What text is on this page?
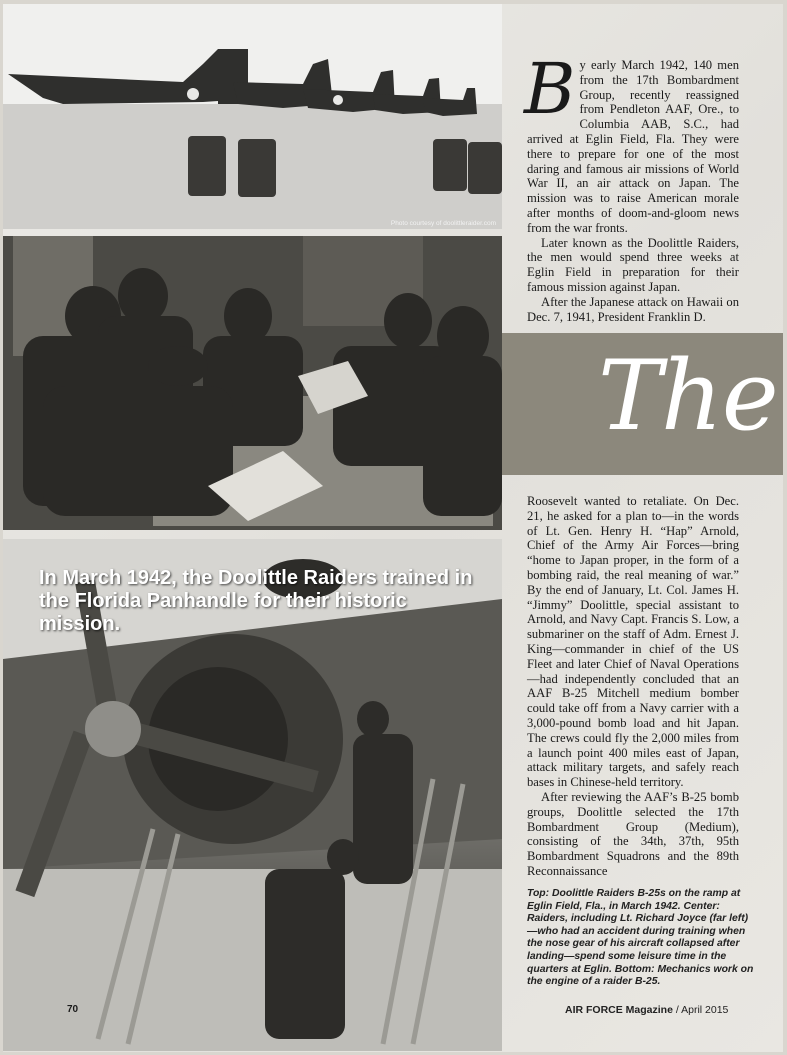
Photo courtesy of doolittleraider.com
In March 1942, the Doolittle Raiders trained in the Florida Panhandle for their historic mission.
The

By early March 1942, 140 men from the 17th Bombardment Group, recently reassigned from Pendleton AAF, Ore., to Columbia AAB, S.C., had arrived at Eglin Field, Fla. They were there to prepare for one of the most daring and famous air missions of World War II, an air attack on Japan. The mission was to raise American morale after months of doom-and-gloom news from the war fronts.

Later known as the Doolittle Raiders, the men would spend three weeks at Eglin Field in preparation for their famous mission against Japan.

After the Japanese attack on Hawaii on Dec. 7, 1941, President Franklin D.

Roosevelt wanted to retaliate. On Dec. 21, he asked for a plan to—in the words of Lt. Gen. Henry H. “Hap” Arnold, Chief of the Army Air Forces—bring “home to Japan proper, in the form of a bombing raid, the real meaning of war.” By the end of January, Lt. Col. James H. “Jimmy” Doolittle, special assistant to Arnold, and Navy Capt. Francis S. Low, a submariner on the staff of Adm. Ernest J. King—commander in chief of the US Fleet and later Chief of Naval Operations—had independently concluded that an AAF B-25 Mitchell medium bomber could take off from a Navy carrier with a 3,000-pound bomb load and hit Japan. The crews could fly the 2,000 miles from a launch point 400 miles east of Japan, attack military targets, and safely reach bases in Chinese-held territory.

After reviewing the AAF’s B-25 bomb groups, Doolittle selected the 17th Bombardment Group (Medium), consisting of the 34th, 37th, 95th Bombardment Squadrons and the 89th Reconnaissance

Top: Doolittle Raiders B-25s on the ramp at Eglin Field, Fla., in March 1942. Center: Raiders, including Lt. Richard Joyce (far left)—who had an accident during training when the nose gear of his aircraft collapsed after landing—spend some leisure time in the quarters at Eglin. Bottom: Mechanics work on the engine of a raider B-25.
70	AIR FORCE Magazine / April 2015
